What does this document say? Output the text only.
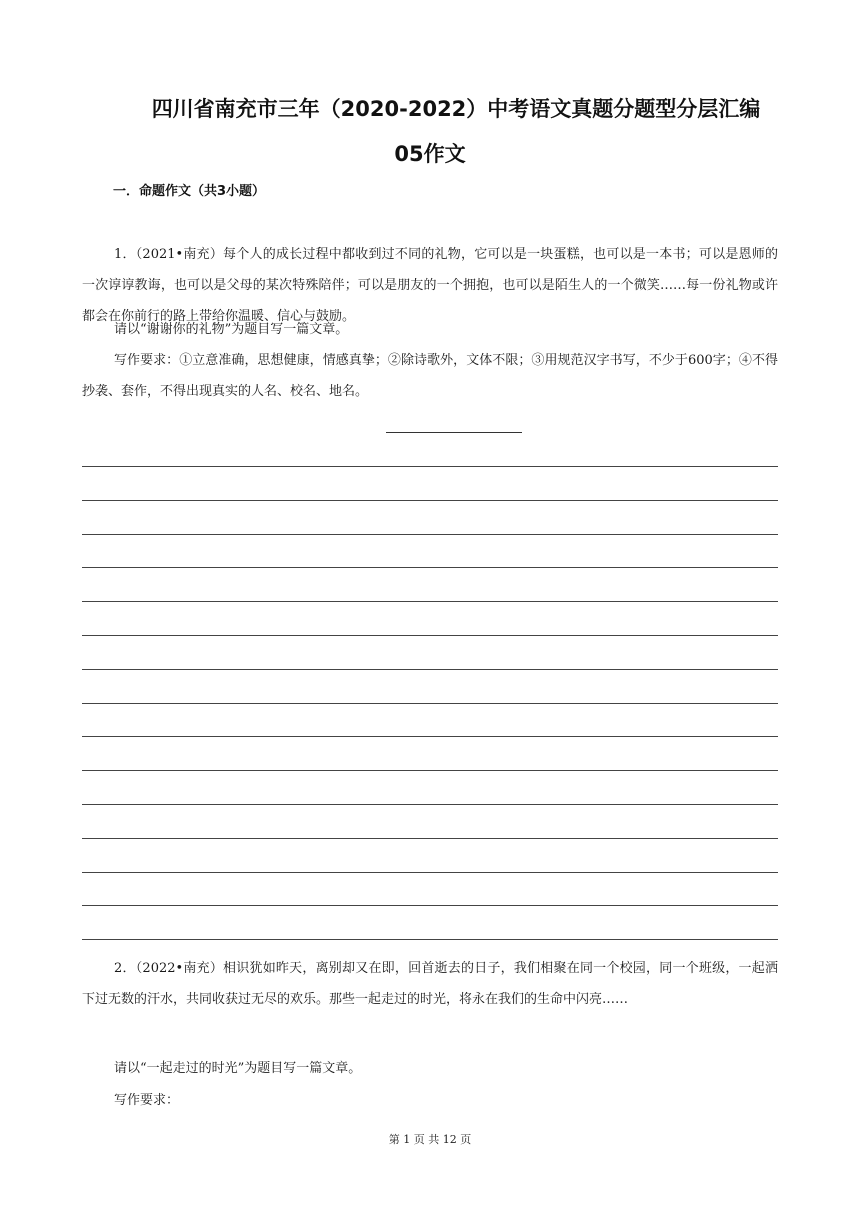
四川省南充市三年（2020-2022）中考语文真题分题型分层汇编
05作文
一．命题作文（共3小题）

1．（2021•南充）每个人的成长过程中都收到过不同的礼物，它可以是一块蛋糕，也可以是一本书；可以是恩师的一次谆谆教诲，也可以是父母的某次特殊陪伴；可以是朋友的一个拥抱，也可以是陌生人的一个微笑……每一份礼物或许都会在你前行的路上带给你温暖、信心与鼓励。

请以“谢谢你的礼物”为题目写一篇文章。

写作要求：①立意准确，思想健康，情感真挚；②除诗歌外，文体不限；③用规范汉字书写，不少于600字；④不得抄袭、套作，不得出现真实的人名、校名、地名。

2．（2022•南充）相识犹如昨天，离别却又在即，回首逝去的日子，我们相聚在同一个校园，同一个班级，一起洒下过无数的汗水，共同收获过无尽的欢乐。那些一起走过的时光，将永在我们的生命中闪亮……

请以“一起走过的时光”为题目写一篇文章。

写作要求：

第 1 页 共 12 页
